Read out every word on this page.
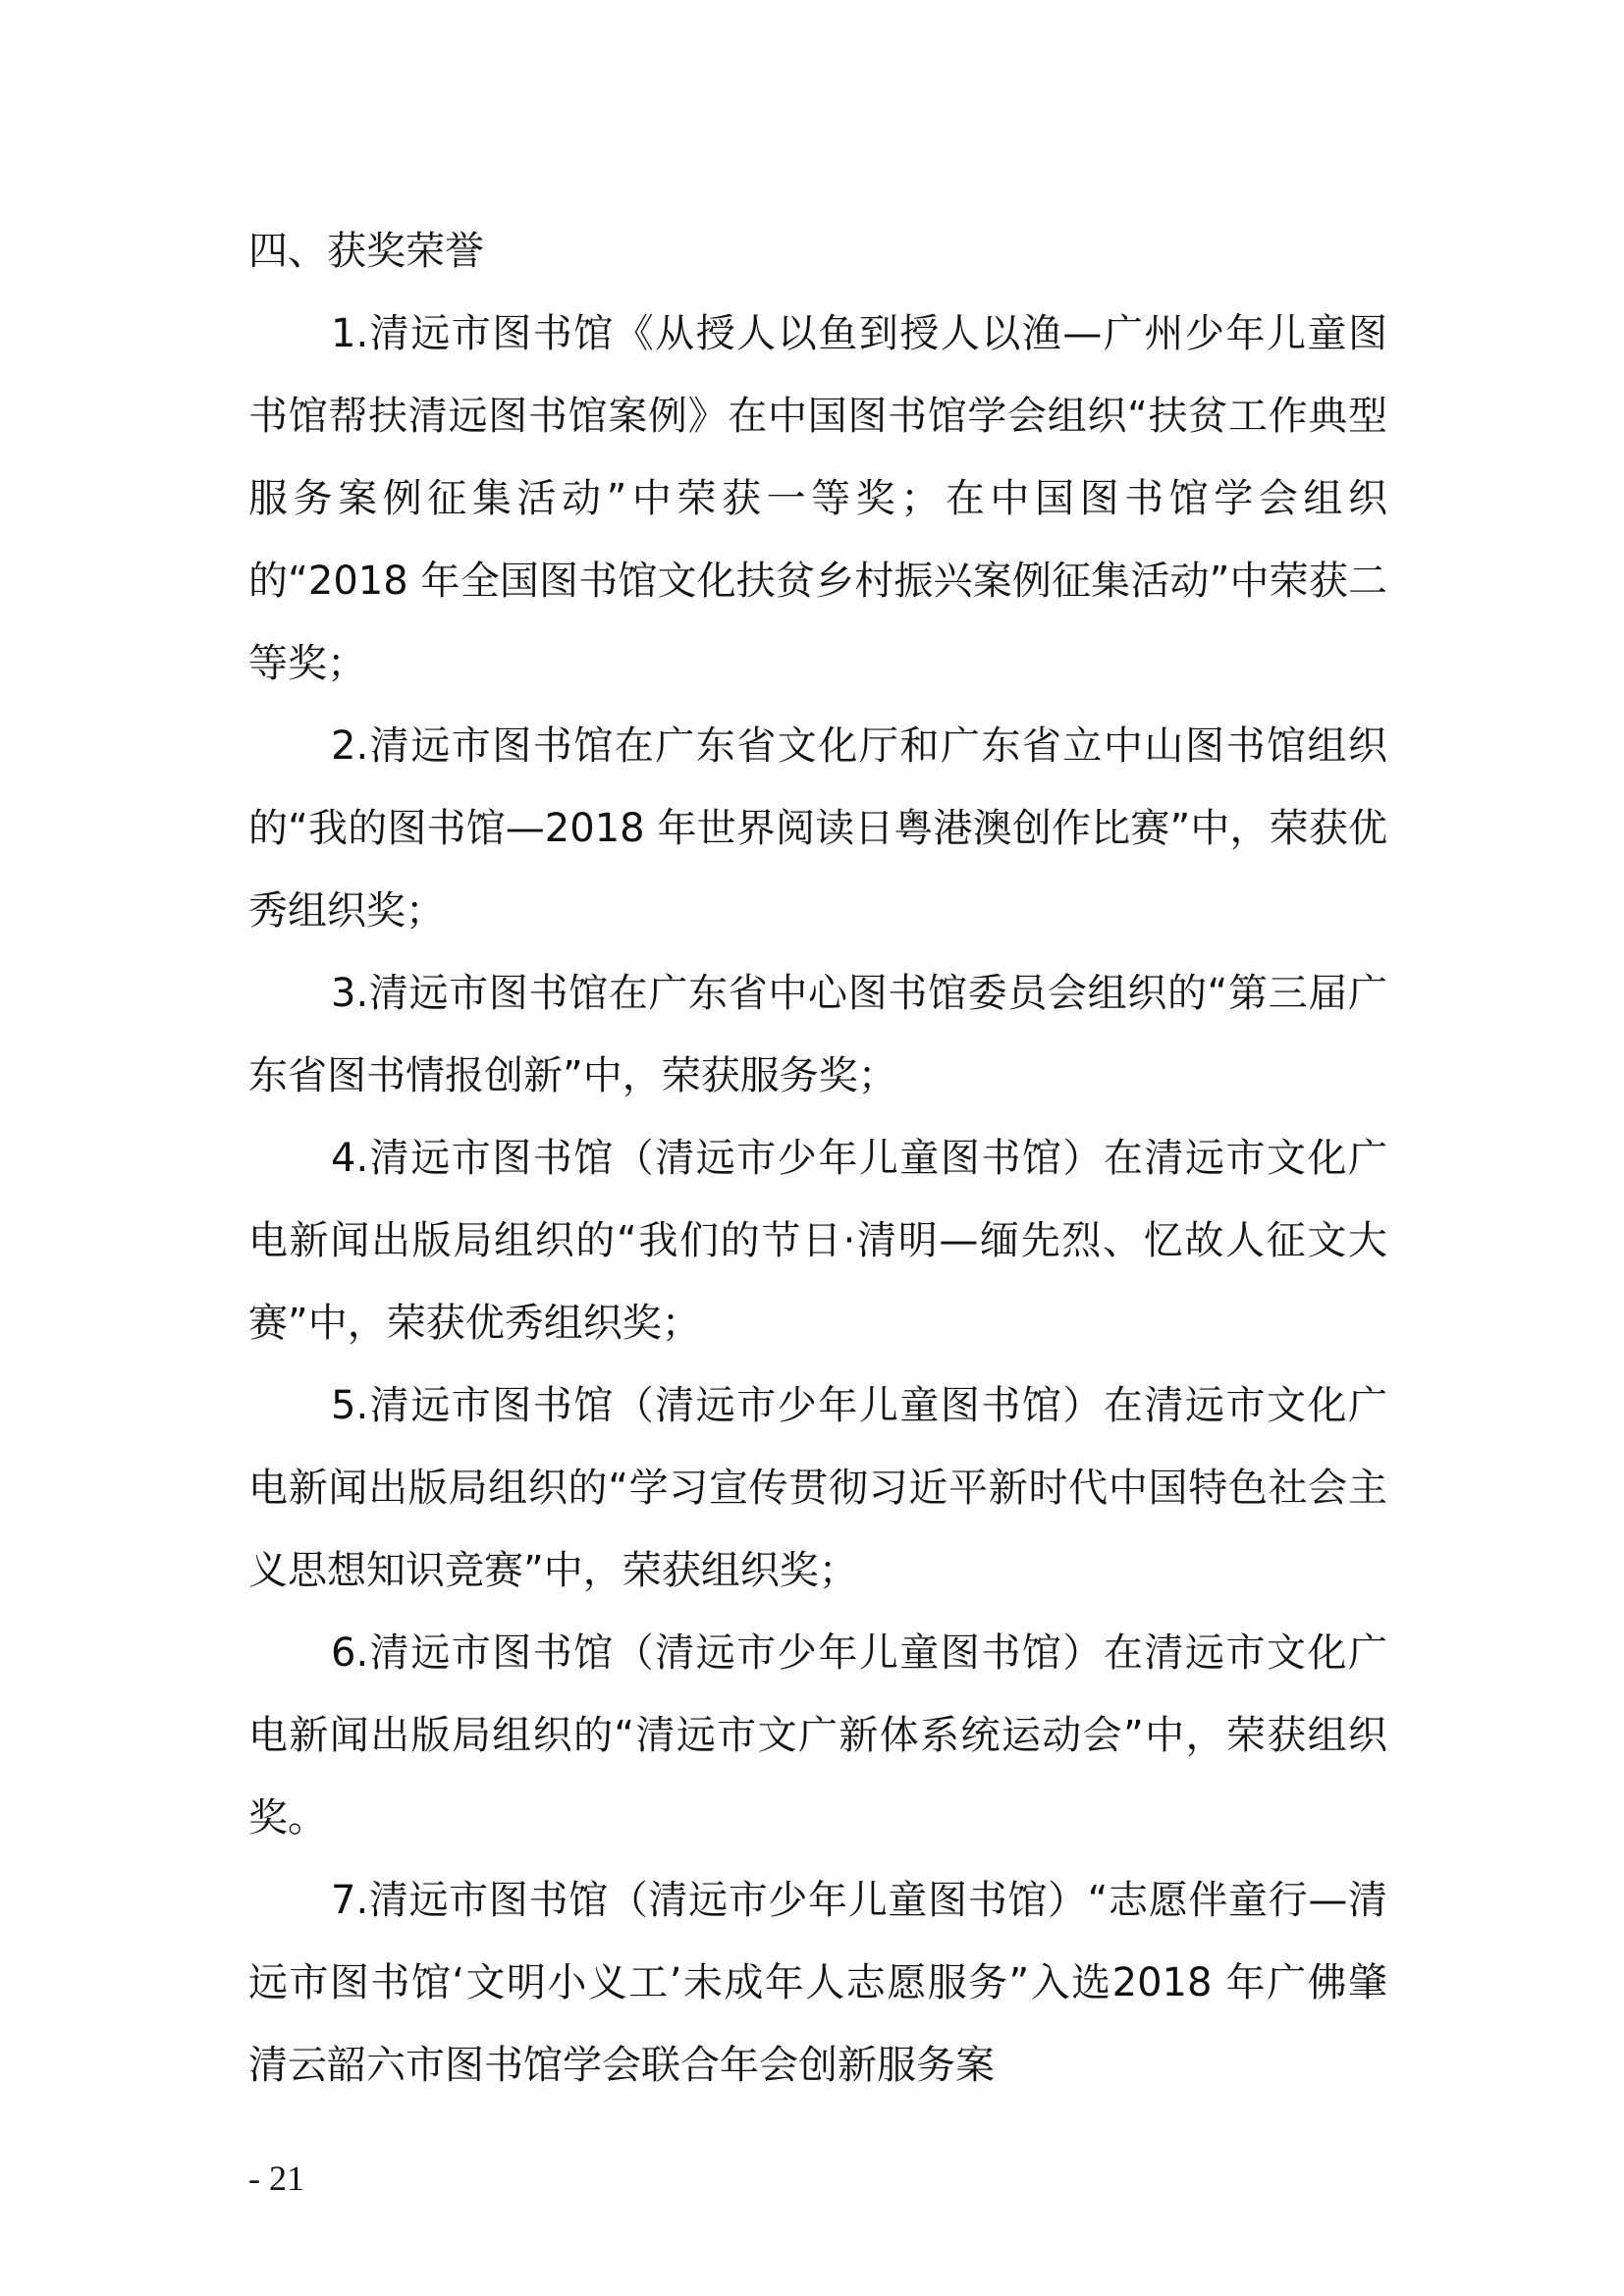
四、获奖荣誉

1.清远市图书馆《从授人以鱼到授人以渔—广州少年儿童图书馆帮扶清远图书馆案例》在中国图书馆学会组织“扶贫工作典型服务案例征集活动”中荣获一等奖；在中国图书馆学会组织的“2018 年全国图书馆文化扶贫乡村振兴案例征集活动”中荣获二等奖；

2.清远市图书馆在广东省文化厅和广东省立中山图书馆组织的“我的图书馆—2018 年世界阅读日粤港澳创作比赛”中，荣获优秀组织奖；

3.清远市图书馆在广东省中心图书馆委员会组织的“第三届广东省图书情报创新”中，荣获服务奖；

4.清远市图书馆（清远市少年儿童图书馆）在清远市文化广电新闻出版局组织的“我们的节日·清明—缅先烈、忆故人征文大赛”中，荣获优秀组织奖；

5.清远市图书馆（清远市少年儿童图书馆）在清远市文化广电新闻出版局组织的“学习宣传贯彻习近平新时代中国特色社会主义思想知识竞赛”中，荣获组织奖；

6.清远市图书馆（清远市少年儿童图书馆）在清远市文化广电新闻出版局组织的“清远市文广新体系统运动会”中，荣获组织奖。

7.清远市图书馆（清远市少年儿童图书馆）“志愿伴童行—清远市图书馆‘文明小义工’未成年人志愿服务”入选2018 年广佛肇清云韶六市图书馆学会联合年会创新服务案

- 21
